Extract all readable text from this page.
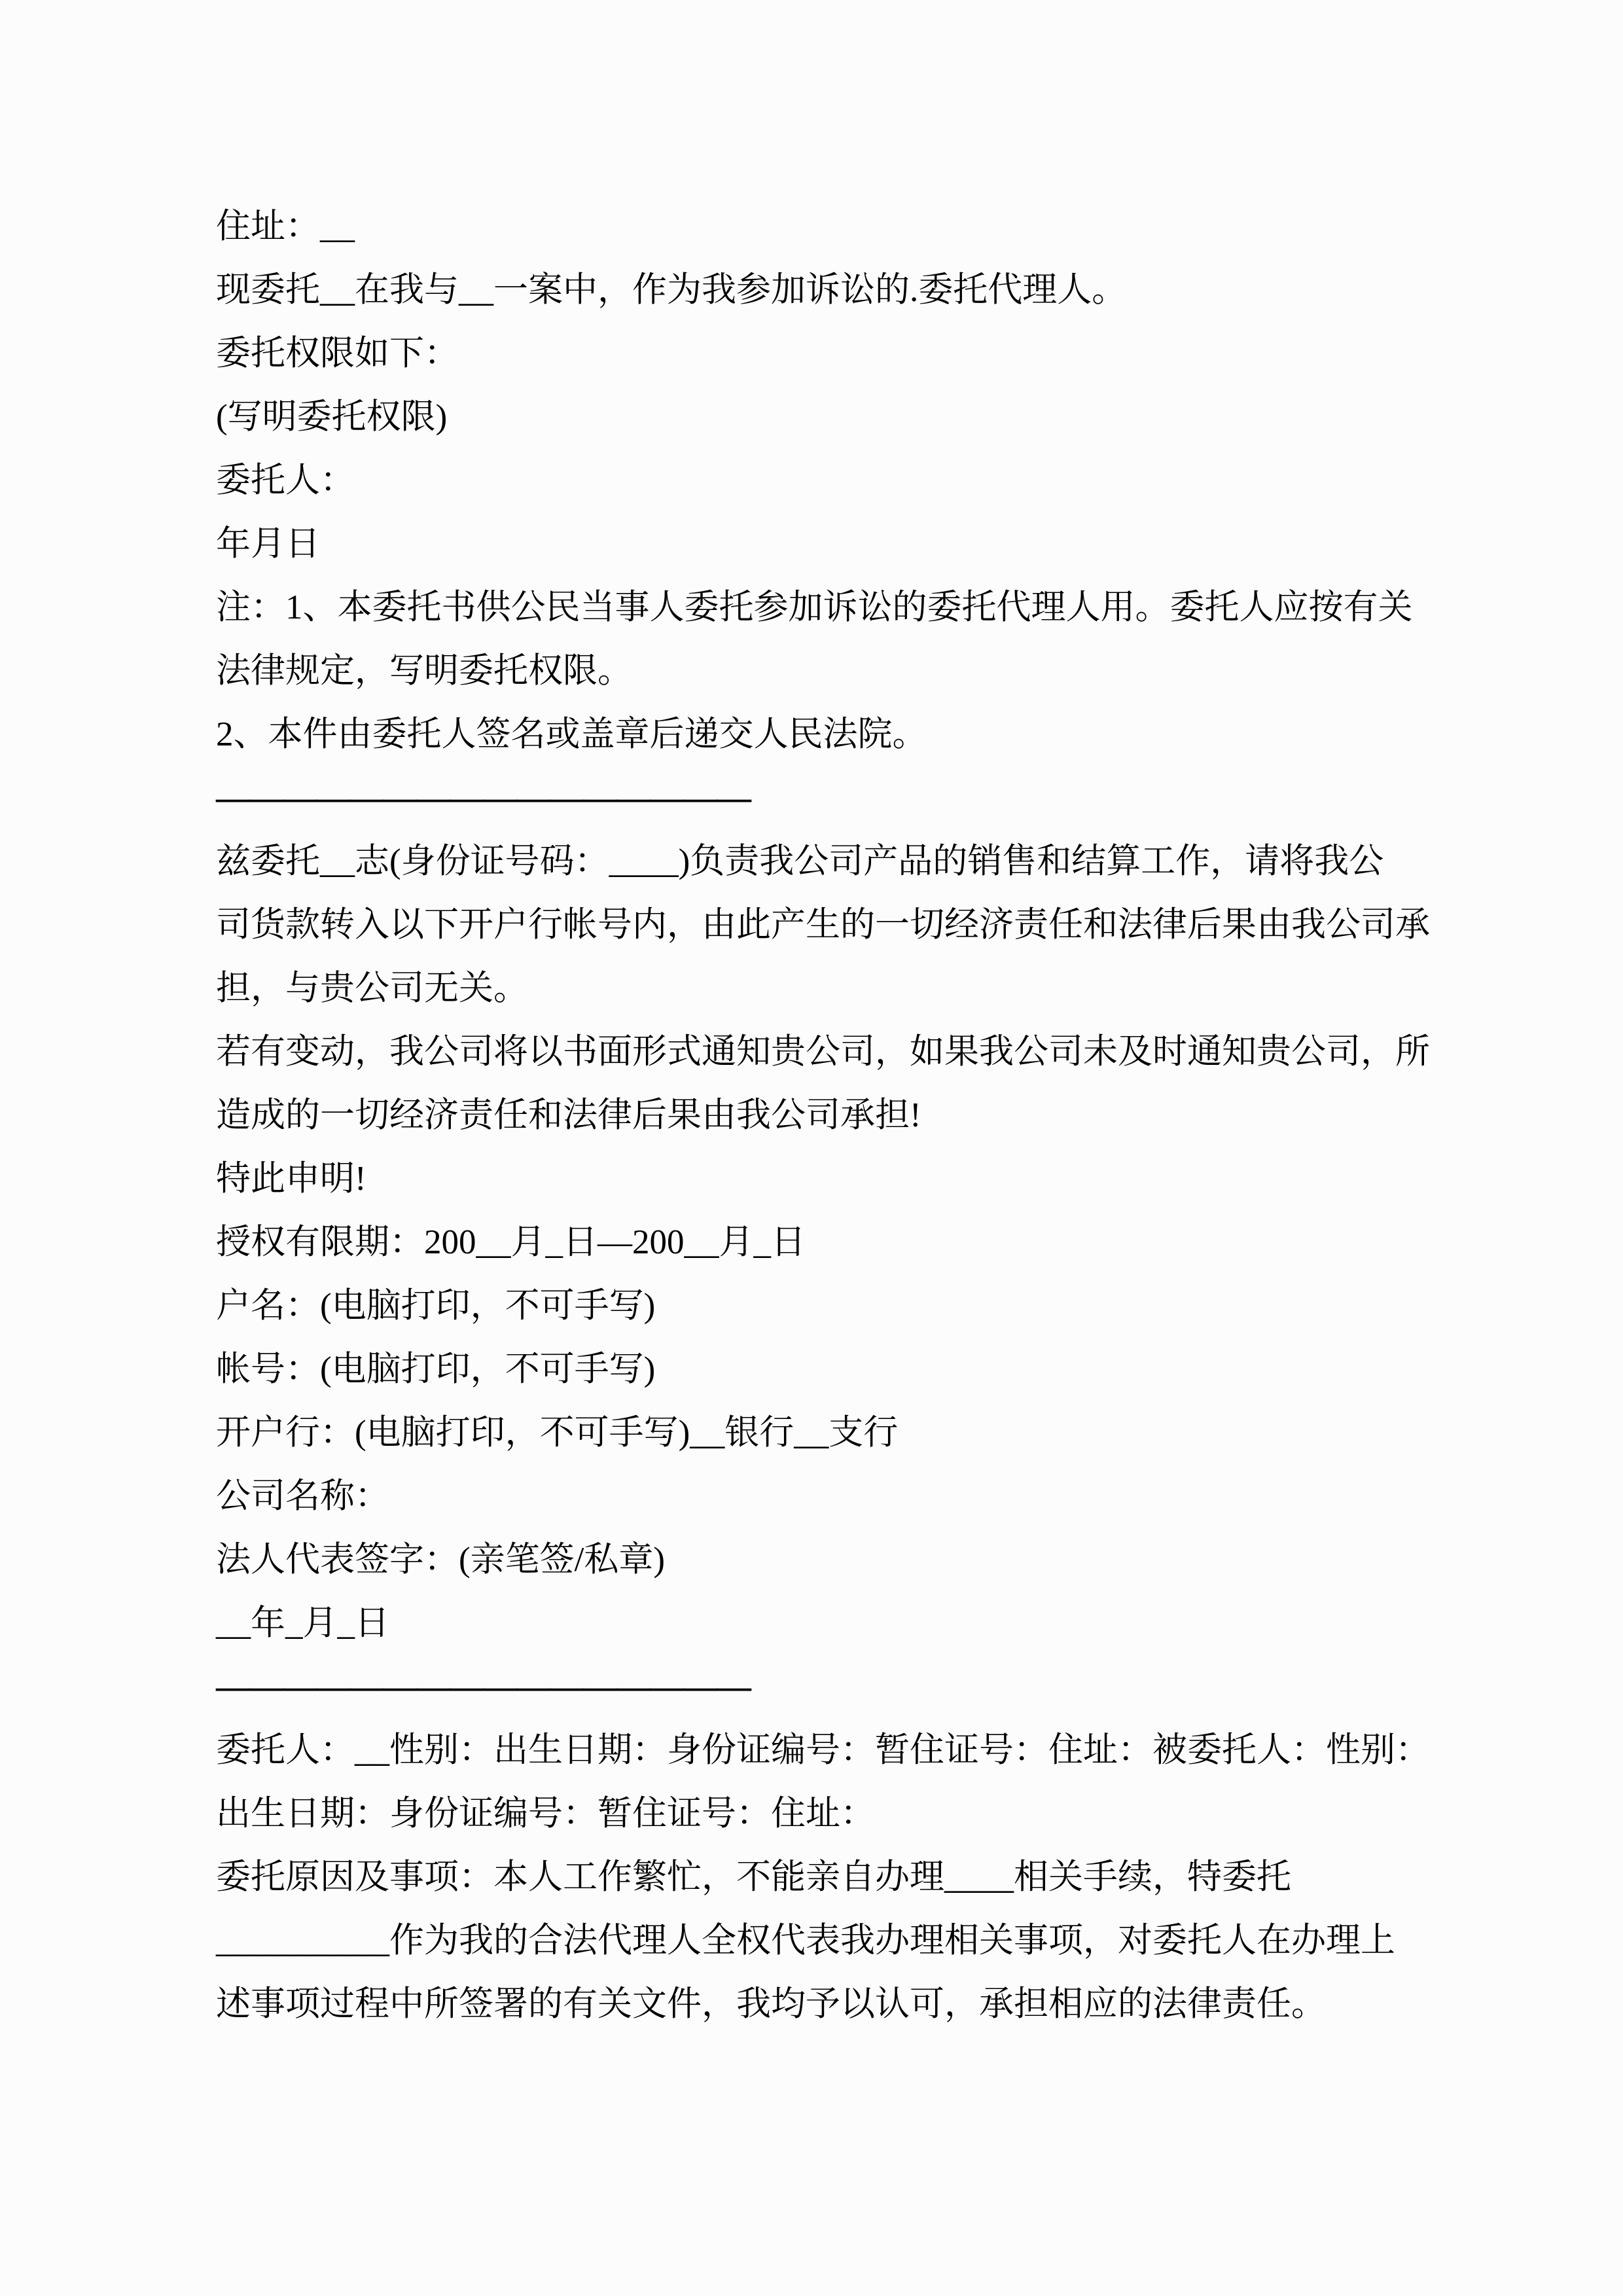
住址：__
现委托__在我与__一案中，作为我参加诉讼的.委托代理人。
委托权限如下：
(写明委托权限)
委托人：
年月日
注：1、本委托书供公民当事人委托参加诉讼的委托代理人用。委托人应按有关
法律规定，写明委托权限。
2、本件由委托人签名或盖章后递交人民法院。
————————————————
兹委托__志(身份证号码：____)负责我公司产品的销售和结算工作，请将我公
司货款转入以下开户行帐号内，由此产生的一切经济责任和法律后果由我公司承
担，与贵公司无关。
若有变动，我公司将以书面形式通知贵公司，如果我公司未及时通知贵公司，所
造成的一切经济责任和法律后果由我公司承担!
特此申明!
授权有限期：200__月_日—200__月_日
户名：(电脑打印，不可手写)
帐号：(电脑打印，不可手写)
开户行：(电脑打印，不可手写)__银行__支行
公司名称：
法人代表签字：(亲笔签/私章)
__年_月_日
————————————————
委托人：__性别：出生日期：身份证编号：暂住证号：住址：被委托人：性别：
出生日期：身份证编号：暂住证号：住址：
委托原因及事项：本人工作繁忙，不能亲自办理____相关手续，特委托
__________作为我的合法代理人全权代表我办理相关事项，对委托人在办理上
述事项过程中所签署的有关文件，我均予以认可，承担相应的法律责任。
